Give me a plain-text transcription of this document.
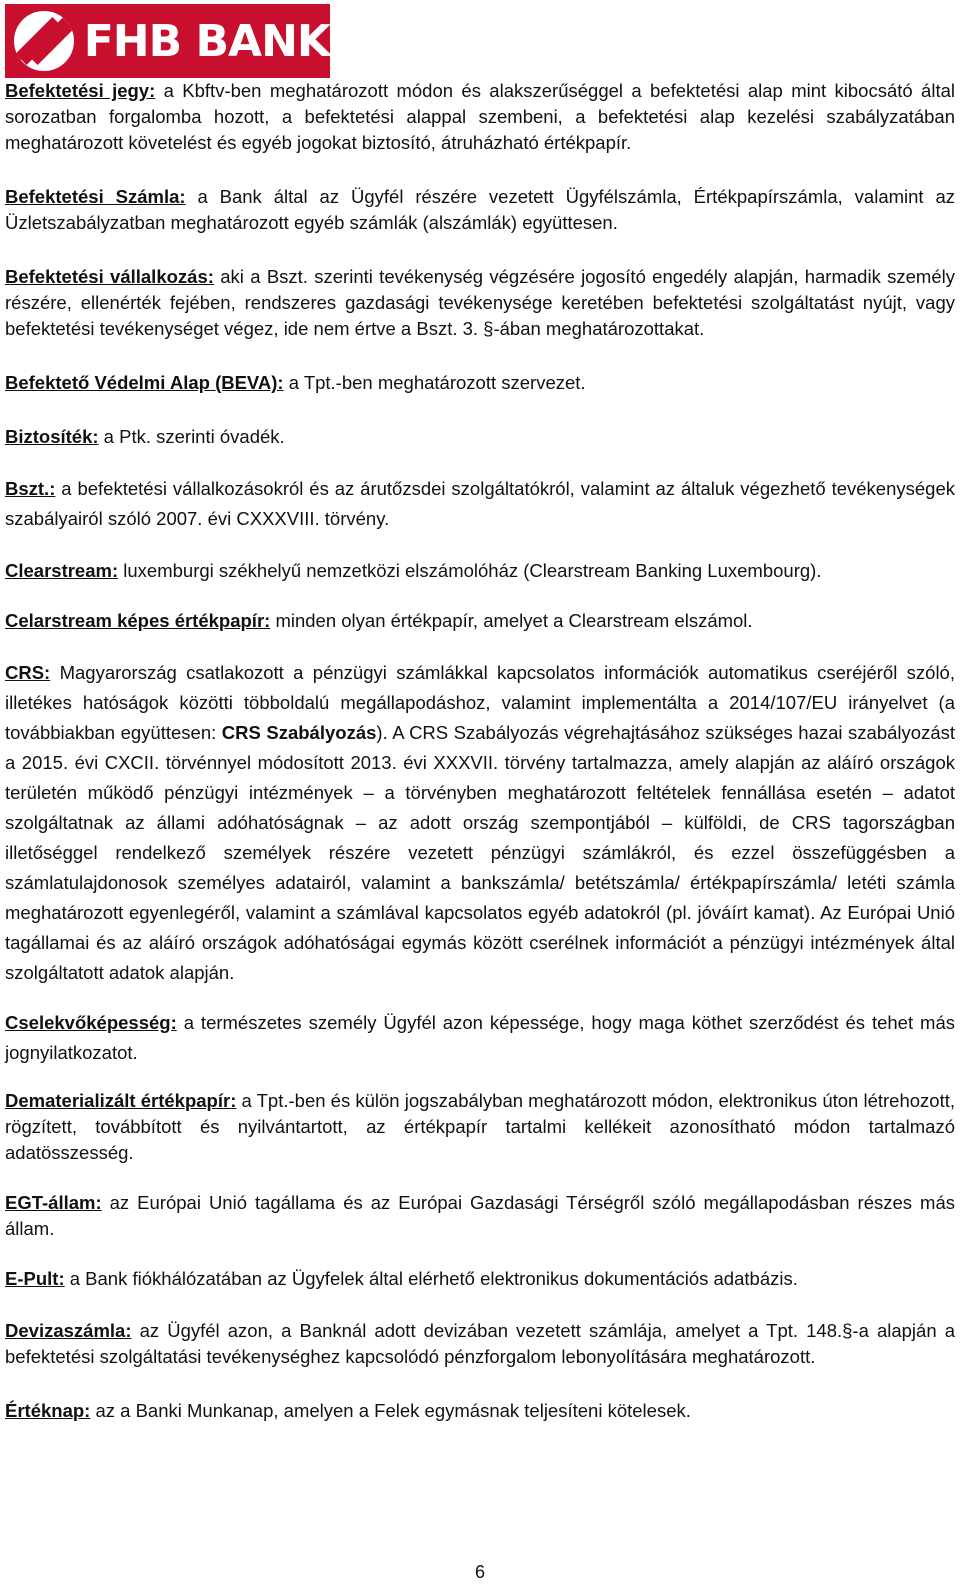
FHB BANK

Befektetési jegy: a Kbftv-ben meghatározott módon és alakszerűséggel a befektetési alap mint kibocsátó által sorozatban forgalomba hozott, a befektetési alappal szembeni, a befektetési alap kezelési szabályzatában meghatározott követelést és egyéb jogokat biztosító, átruházható értékpapír.

Befektetési Számla: a Bank által az Ügyfél részére vezetett Ügyfélszámla, Értékpapírszámla, valamint az Üzletszabályzatban meghatározott egyéb számlák (alszámlák) együttesen.

Befektetési vállalkozás: aki a Bszt. szerinti tevékenység végzésére jogosító engedély alapján, harmadik személy részére, ellenérték fejében, rendszeres gazdasági tevékenysége keretében befektetési szolgáltatást nyújt, vagy befektetési tevékenységet végez, ide nem értve a Bszt. 3. §-ában meghatározottakat.

Befektető Védelmi Alap (BEVA): a Tpt.-ben meghatározott szervezet.

Biztosíték: a Ptk. szerinti óvadék.

Bszt.: a befektetési vállalkozásokról és az árutőzsdei szolgáltatókról, valamint az általuk végezhető tevékenységek szabályairól szóló 2007. évi CXXXVIII. törvény.

Clearstream: luxemburgi székhelyű nemzetközi elszámolóház (Clearstream Banking Luxembourg).

Celarstream képes értékpapír: minden olyan értékpapír, amelyet a Clearstream elszámol.

CRS: Magyarország csatlakozott a pénzügyi számlákkal kapcsolatos információk automatikus cseréjéről szóló, illetékes hatóságok közötti többoldalú megállapodáshoz, valamint implementálta a 2014/107/EU irányelvet (a továbbiakban együttesen: CRS Szabályozás). A CRS Szabályozás végrehajtásához szükséges hazai szabályozást a 2015. évi CXCII. törvénnyel módosított 2013. évi XXXVII. törvény tartalmazza, amely alapján az aláíró országok területén működő pénzügyi intézmények – a törvényben meghatározott feltételek fennállása esetén – adatot szolgáltatnak az állami adóhatóságnak – az adott ország szempontjából – külföldi, de CRS tagországban illetőséggel rendelkező személyek részére vezetett pénzügyi számlákról, és ezzel összefüggésben a számlatulajdonosok személyes adatairól, valamint a bankszámla/ betétszámla/ értékpapírszámla/ letéti számla meghatározott egyenlegéről, valamint a számlával kapcsolatos egyéb adatokról (pl. jóváírt kamat). Az Európai Unió tagállamai és az aláíró országok adóhatóságai egymás között cserélnek információt a pénzügyi intézmények által szolgáltatott adatok alapján.

Cselekvőképesség: a természetes személy Ügyfél azon képessége, hogy maga köthet szerződést és tehet más jognyilatkozatot.

Dematerializált értékpapír: a Tpt.-ben és külön jogszabályban meghatározott módon, elektronikus úton létrehozott, rögzített, továbbított és nyilvántartott, az értékpapír tartalmi kellékeit azonosítható módon tartalmazó adatösszesség.

EGT-állam: az Európai Unió tagállama és az Európai Gazdasági Térségről szóló megállapodásban részes más állam.

E-Pult: a Bank fiókhálózatában az Ügyfelek által elérhető elektronikus dokumentációs adatbázis.

Devizaszámla: az Ügyfél azon, a Banknál adott devizában vezetett számlája, amelyet a Tpt. 148.§-a alapján a befektetési szolgáltatási tevékenységhez kapcsolódó pénzforgalom lebonyolítására meghatározott.

Értéknap: az a Banki Munkanap, amelyen a Felek egymásnak teljesíteni kötelesek.

6
